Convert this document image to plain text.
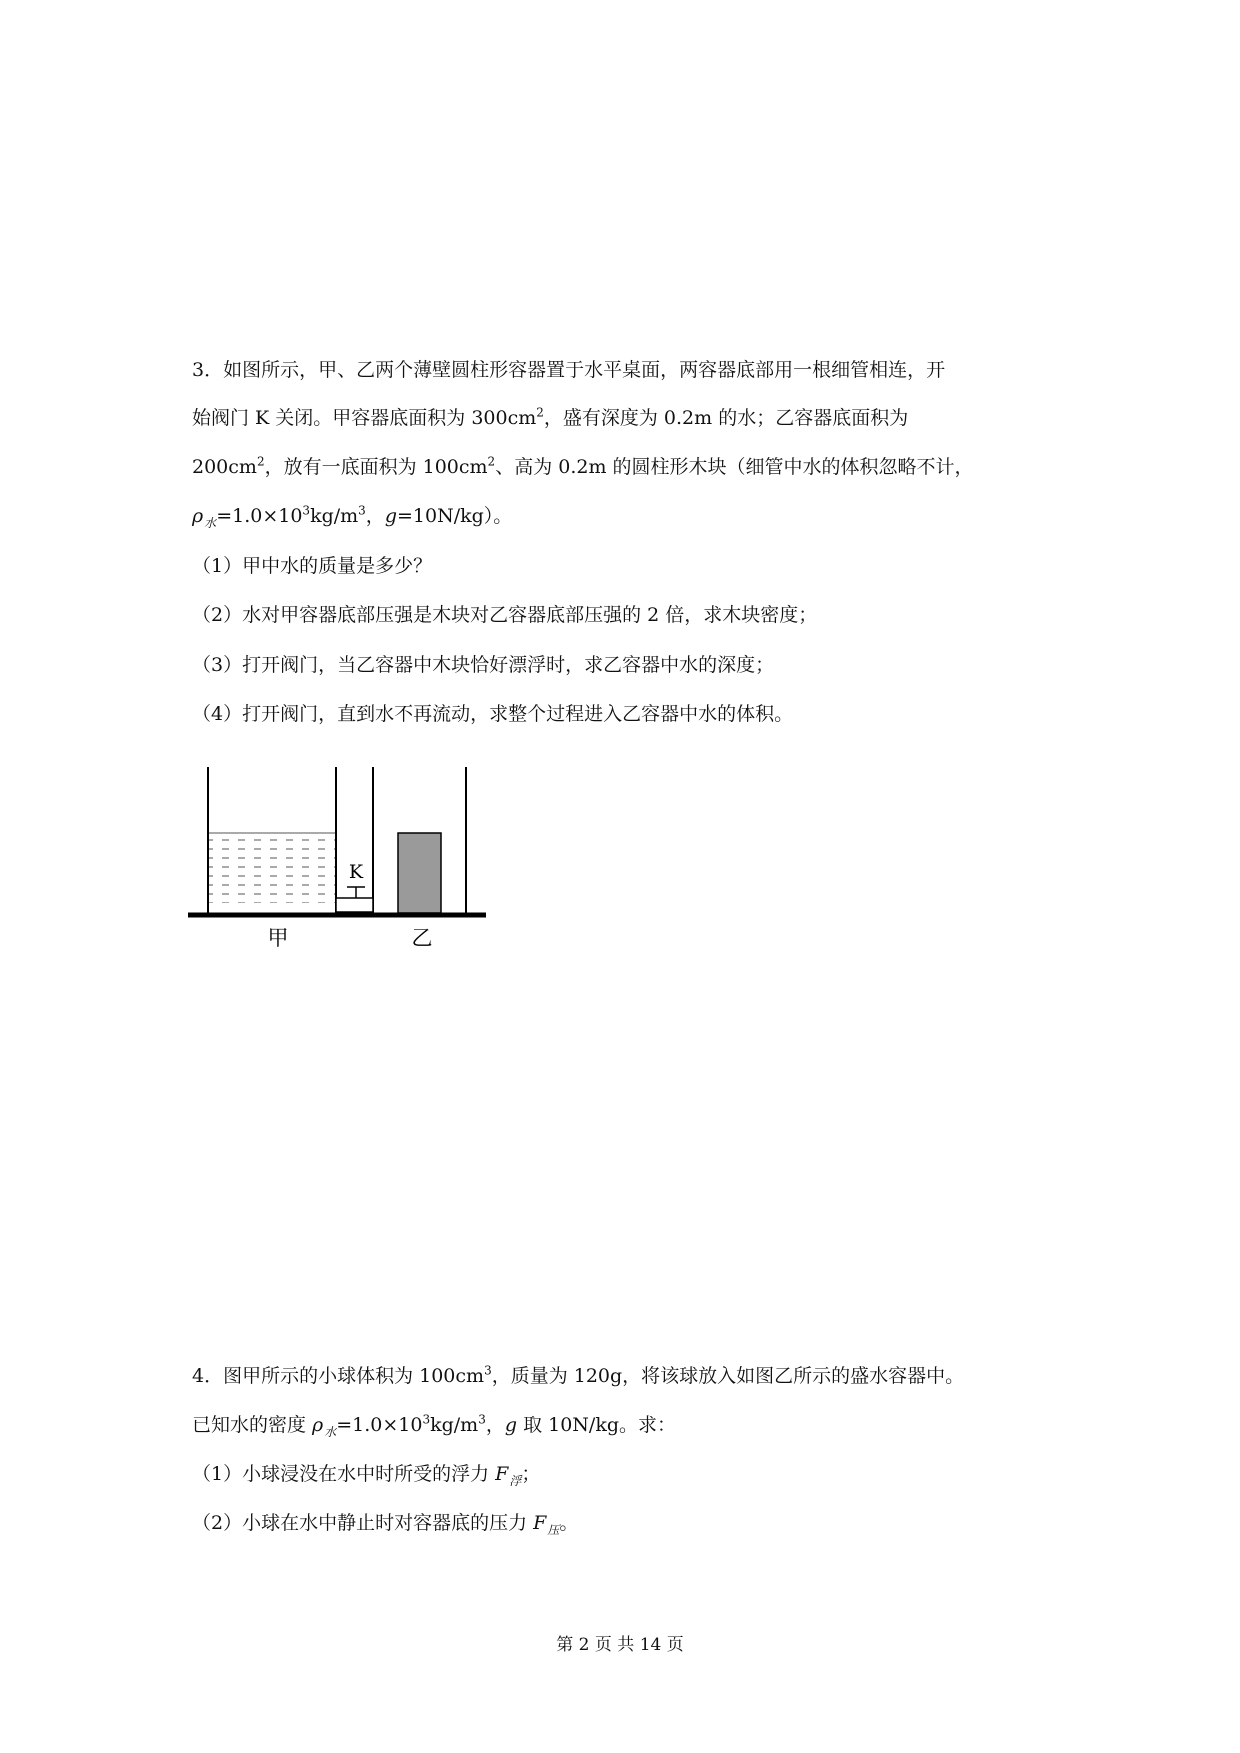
3．如图所示，甲、乙两个薄壁圆柱形容器置于水平桌面，两容器底部用一根细管相连，开
始阀门 K 关闭。甲容器底面积为 $300cm^2$，盛有深度为 0.2m 的水；乙容器底面积为
$200cm^2$，放有一底面积为 $100cm^2$、高为 0.2m 的圆柱形木块（细管中水的体积忽略不计，
$\rho_水=1.0\times 10^3kg/m^3$，g=10N/kg）。
（1）甲中水的质量是多少？
（2）水对甲容器底部压强是木块对乙容器底部压强的 2 倍，求木块密度；
（3）打开阀门，当乙容器中木块恰好漂浮时，求乙容器中水的深度；
（4）打开阀门，直到水不再流动，求整个过程进入乙容器中水的体积。
K
甲	乙
4．图甲所示的小球体积为 $100cm^3$，质量为 120g，将该球放入如图乙所示的盛水容器中。
已知水的密度 $\rho_水=1.0\times 10^3kg/m^3$，g 取 10N/kg。求：
（1）小球浸没在水中时所受的浮力 $F_浮$；
（2）小球在水中静止时对容器底的压力 $F_压$。
第 2 页 共 14 页
